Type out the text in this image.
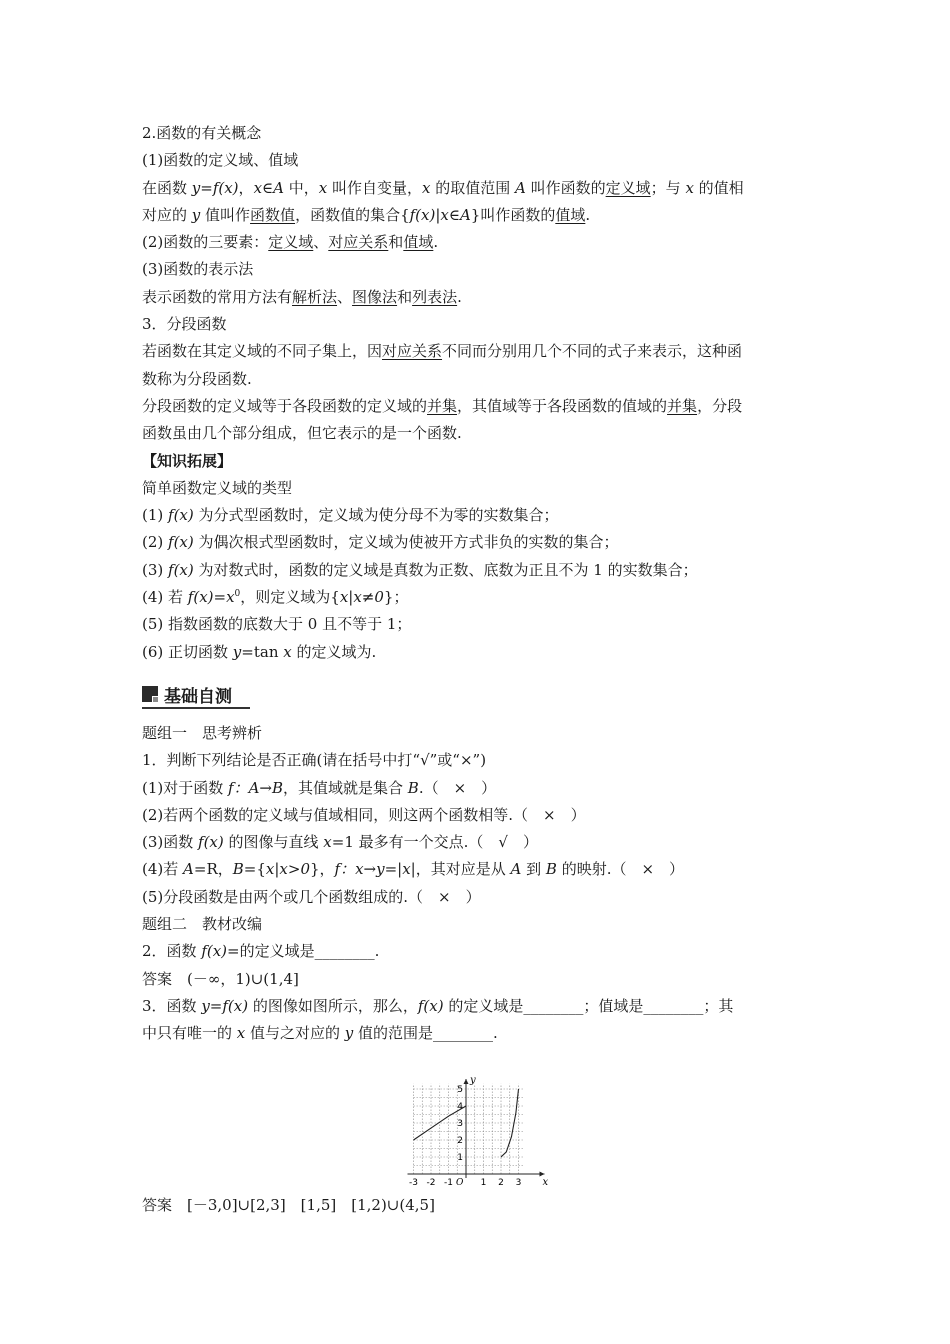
2.函数的有关概念

(1)函数的定义域、值域

在函数 y=f(x)，x∈A 中，x 叫作自变量，x 的取值范围 A 叫作函数的定义域；与 x 的值相

对应的 y 值叫作函数值，函数值的集合{f(x)|x∈A}叫作函数的值域.

(2)函数的三要素：定义域、对应关系和值域.

(3)函数的表示法

表示函数的常用方法有解析法、图像法和列表法.

3．分段函数

若函数在其定义域的不同子集上，因对应关系不同而分别用几个不同的式子来表示，这种函

数称为分段函数.

分段函数的定义域等于各段函数的定义域的并集，其值域等于各段函数的值域的并集，分段

函数虽由几个部分组成，但它表示的是一个函数.

【知识拓展】

简单函数定义域的类型

(1) f(x) 为分式型函数时，定义域为使分母不为零的实数集合；

(2) f(x) 为偶次根式型函数时，定义域为使被开方式非负的实数的集合；

(3) f(x) 为对数式时，函数的定义域是真数为正数、底数为正且不为 1 的实数集合；

(4) 若 $f(x)=x^0$，则定义域为{x|x≠0}；

(5) 指数函数的底数大于 0 且不等于 1；

(6) 正切函数 y=tan x 的定义域为.

基础自测

题组一　思考辨析

1．判断下列结论是否正确(请在括号中打“√”或“×”)

(1)对于函数 f：A→B，其值域就是集合 B.（　×　）

(2)若两个函数的定义域与值域相同，则这两个函数相等.（　×　）

(3)函数 f(x) 的图像与直线 x=1 最多有一个交点.（　√　）

(4)若 A=R，B={x|x>0}，f：x→y=|x|，其对应是从 A 到 B 的映射.（　×　）

(5)分段函数是由两个或几个函数组成的.（　×　）

题组二　教材改编

2．函数 f(x)=的定义域是________.

答案　(－∞，1)∪(1,4]

3．函数 y=f(x) 的图像如图所示，那么，f(x) 的定义域是________；值域是________；其

中只有唯一的 x 值与之对应的 y 值的范围是________.

x
y
O
-3 -2 -1	1 2 3
1
2
3
4
5

答案　[－3,0]∪[2,3]　[1,5]　[1,2)∪(4,5]
